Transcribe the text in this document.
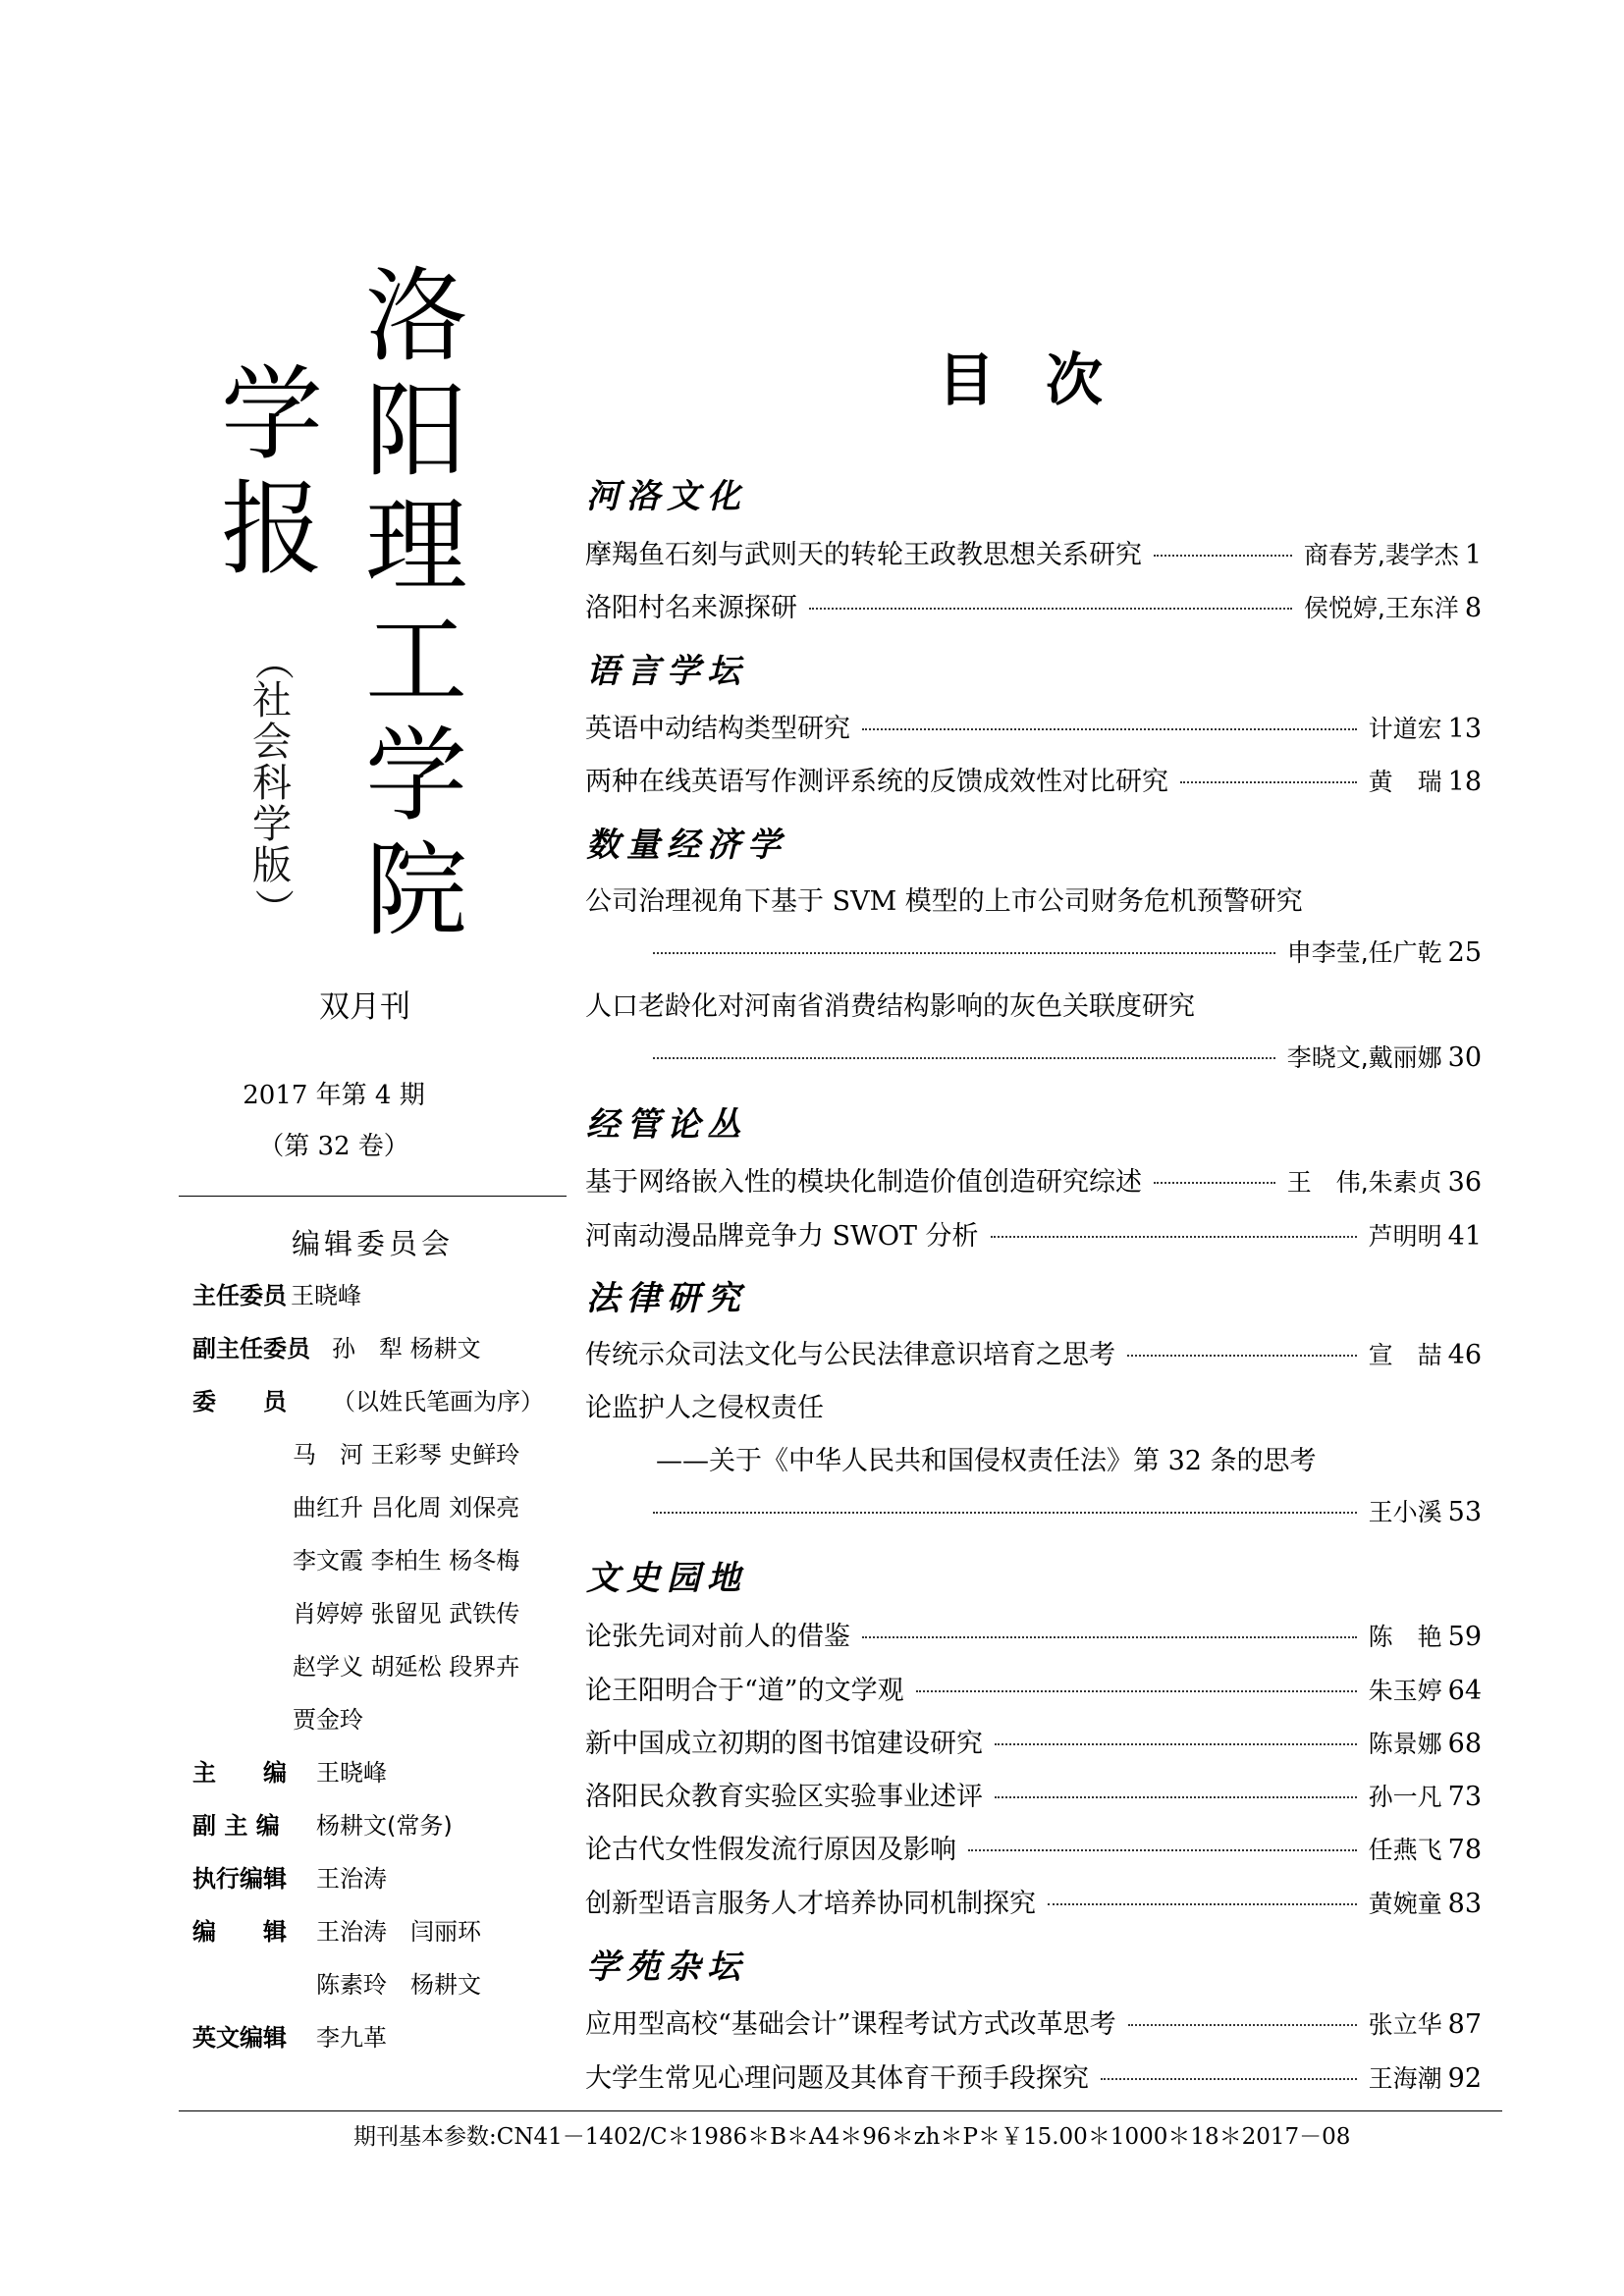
洛
阳
理
工
学
院
学
报
（
社
会
科
学
版
）
双月刊
2017 年第 4 期
（第 32 卷）
编辑委员会
主任委员 王晓峰
副主任委员 孙　犁 杨耕文
委　　员 （以姓氏笔画为序）
马　河 王彩琴 史鲜玲
曲红升 吕化周 刘保亮
李文霞 李柏生 杨冬梅
肖婷婷 张留见 武铁传
赵学义 胡延松 段界卉
贾金玲
主　　编 王晓峰
副 主 编 杨耕文(常务)
执行编辑 王治涛
编　　辑 王治涛　闫丽环
陈素玲　杨耕文
英文编辑 李九革
目次
河洛文化
摩羯鱼石刻与武则天的转轮王政教思想关系研究	商春芳,裴学杰 1
洛阳村名来源探研	侯悦婷,王东洋 8
语言学坛
英语中动结构类型研究	计道宏 13
两种在线英语写作测评系统的反馈成效性对比研究	黄　瑞 18
数量经济学
公司治理视角下基于 SVM 模型的上市公司财务危机预警研究
申李莹,任广乾 25
人口老龄化对河南省消费结构影响的灰色关联度研究
李晓文,戴丽娜 30
经管论丛
基于网络嵌入性的模块化制造价值创造研究综述	王　伟,朱素贞 36
河南动漫品牌竞争力 SWOT 分析	芦明明 41
法律研究
传统示众司法文化与公民法律意识培育之思考	宣　喆 46
论监护人之侵权责任
——关于《中华人民共和国侵权责任法》第 32 条的思考
王小溪 53
文史园地
论张先词对前人的借鉴	陈　艳 59
论王阳明合于“道”的文学观	朱玉婷 64
新中国成立初期的图书馆建设研究	陈景娜 68
洛阳民众教育实验区实验事业述评	孙一凡 73
论古代女性假发流行原因及影响	任燕飞 78
创新型语言服务人才培养协同机制探究	黄婉童 83
学苑杂坛
应用型高校“基础会计”课程考试方式改革思考	张立华 87
大学生常见心理问题及其体育干预手段探究	王海潮 92
期刊基本参数:CN41－1402/C＊1986＊B＊A4＊96＊zh＊P＊￥15.00＊1000＊18＊2017－08
